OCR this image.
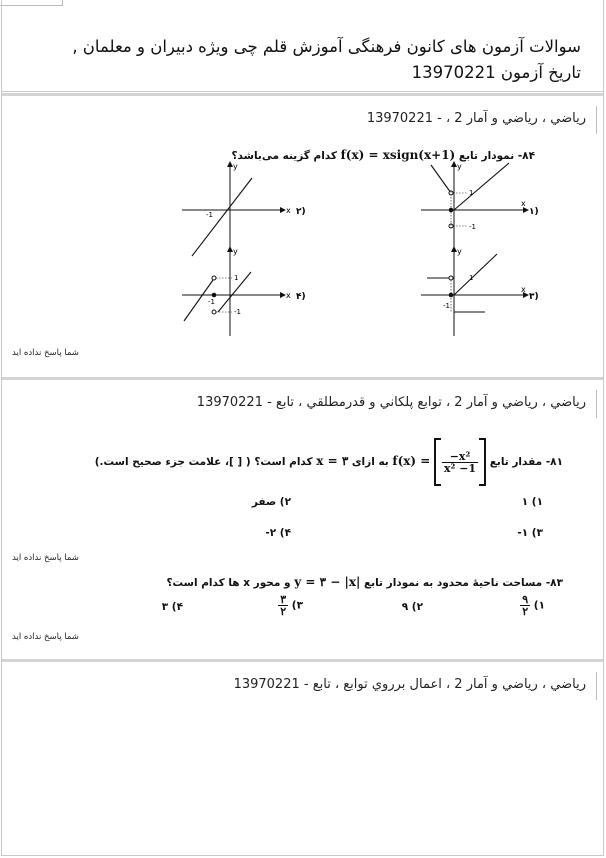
سوالات آزمون های کانون فرهنگی آموزش قلم چی ویژه دبیران و معلمان , تاریخ آزمون 13970221
رياضي ، رياضي و آمار 2 ، - 13970221
۸۴- نمودار تابع f(x) = xsign(x+1) کدام گزینه می‌باشد؟
1
-1
y
x
۱)
-1
y
x ۲)
1
-1
y
x
۳)
1
-1
-1
y
x ۴)
شما پاسخ نداده اید
رياضي ، رياضي و آمار 2 ، توابع پلكاني و قدرمطلقي ، تابع - 13970221
۸۱- مقدار تابع $f(x) = \frac{\text{−x²}}{\text{x² −1}}$
به ازای x = ۳ کدام است؟ ( [ ]، علامت جزء صحیح است.)
۱) ۱
۲) صفر
۳) ۱-
۴) ۲-
شما پاسخ نداده اید
۸۳- مساحت ناحیهٔ محدود به نمودار تابع y = ۳ − |x| و محور x ها کدام است؟
۱)
$\frac{۹}{۲}$
۲) ۹
۳)
$\frac{۳}{۲}$
۴) ۳
شما پاسخ نداده اید
رياضي ، رياضي و آمار 2 ، اعمال برروي توابع ، تابع - 13970221
